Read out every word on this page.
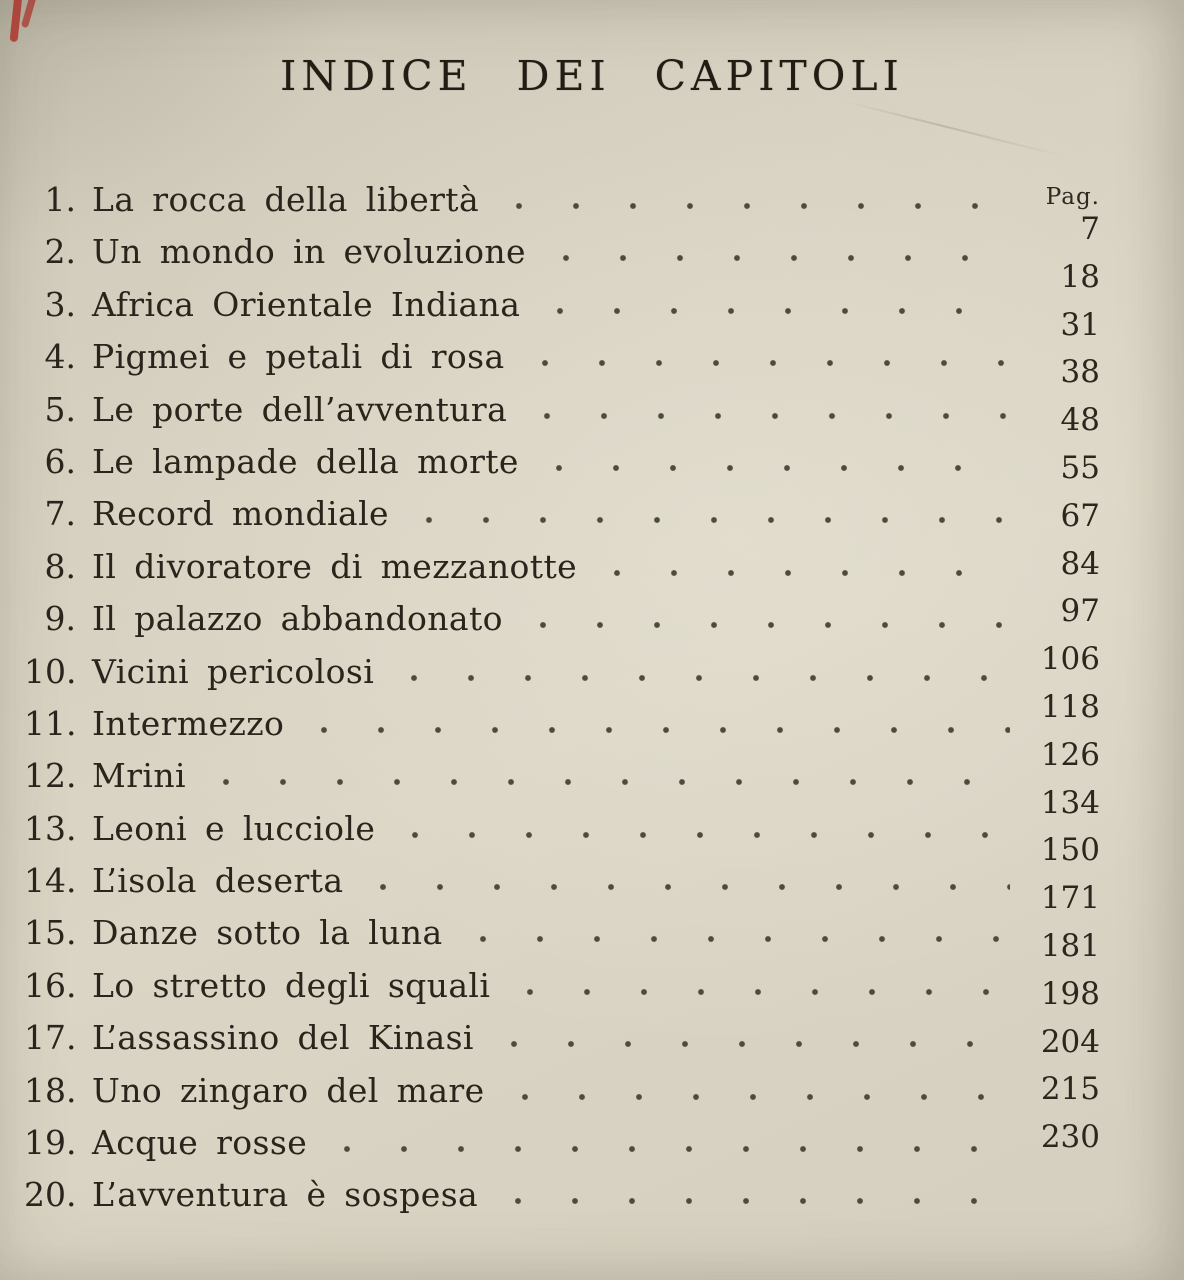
INDICE DEI CAPITOLI
Pag.
1. La rocca della libertà
2. Un mondo in evoluzione
3. Africa Orientale Indiana
4. Pigmei e petali di rosa
5. Le porte dell’avventura
6. Le lampade della morte
7. Record mondiale
8. Il divoratore di mezzanotte
9. Il palazzo abbandonato
10. Vicini pericolosi
11. Intermezzo
12. Mrini
13. Leoni e lucciole
14. L’isola deserta
15. Danze sotto la luna
16. Lo stretto degli squali
17. L’assassino del Kinasi
18. Uno zingaro del mare
19. Acque rosse
20. L’avventura è sospesa
7
18
31
38
48
55
67
84
97
106
118
126
134
150
171
181
198
204
215
230
